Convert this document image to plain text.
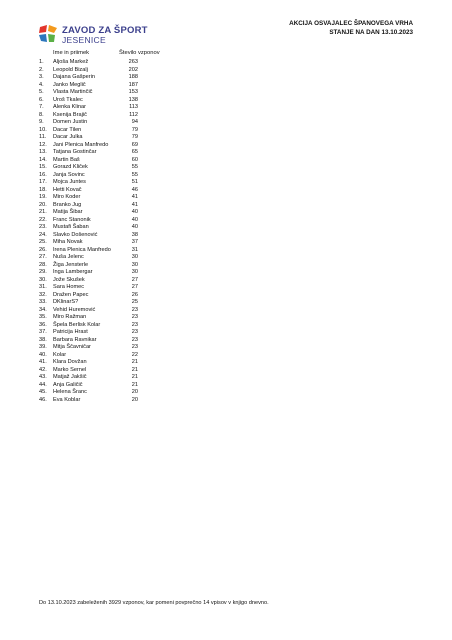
ZAVOD ZA ŠPORT
JESENICE
AKCIJA OSVAJALEC ŠPANOVEGA VRHA
STANJE NA DAN 13.10.2023
Ime in priimek	Število vzponov
1. Aljoša Markež	263
2. Leopold Bizalj	202
3. Dajana Gašperin	188
4. Janko Meglič	187
5. Vlasta Martinčič	153
6. Uroš Tkalec	138
7. Alenka Klinar	113
8. Ksenija Brajič	112
9. Domen Justin	94
10. Dacar Tilen	79
11. Dacar Julka	79
12. Jani Plenica Manfredo	69
13. Tatjana Gostinčar	65
14. Martin Baš	60
15. Gorazd Kliček	55
16. Janja Sovinc	55
17. Mojca Juntes	51
18. Hetti Kovač	46
19. Miro Koder	41
20. Branko Jug	41
21. Matija Šibar	40
22. Franc Stanonik	40
23. Mustafi Šaban	40
24. Slavko Došenović	38
25. Miha Novak	37
26. Irena Plenica Manfredo	31
27. Nuša Jelenc	30
28. Žiga Jensterle	30
29. Inga Lambergar	30
30. Jože Skušek	27
31. Sara Homec	27
32. Dražen Papec	26
33. DKlinarS?	25
34. Vehid Huremović	23
35. Miro Ražman	23
36. Špela Berlisk Kolar	23
37. Patricija Hrast	23
38. Barbara Ravnikar	23
39. Mitja Ščavničar	23
40. Kolar	22
41. Klara Dovžan	21
42. Marko Sernel	21
43. Matjaž Jakšič	21
44. Anja Galičič	21
45. Helena Šranc	20
46. Eva Koblar	20
Do 13.10.2023 zabeleženih 3929 vzponov, kar pomeni povprečno 14 vpisov v knjigo dnevno.
